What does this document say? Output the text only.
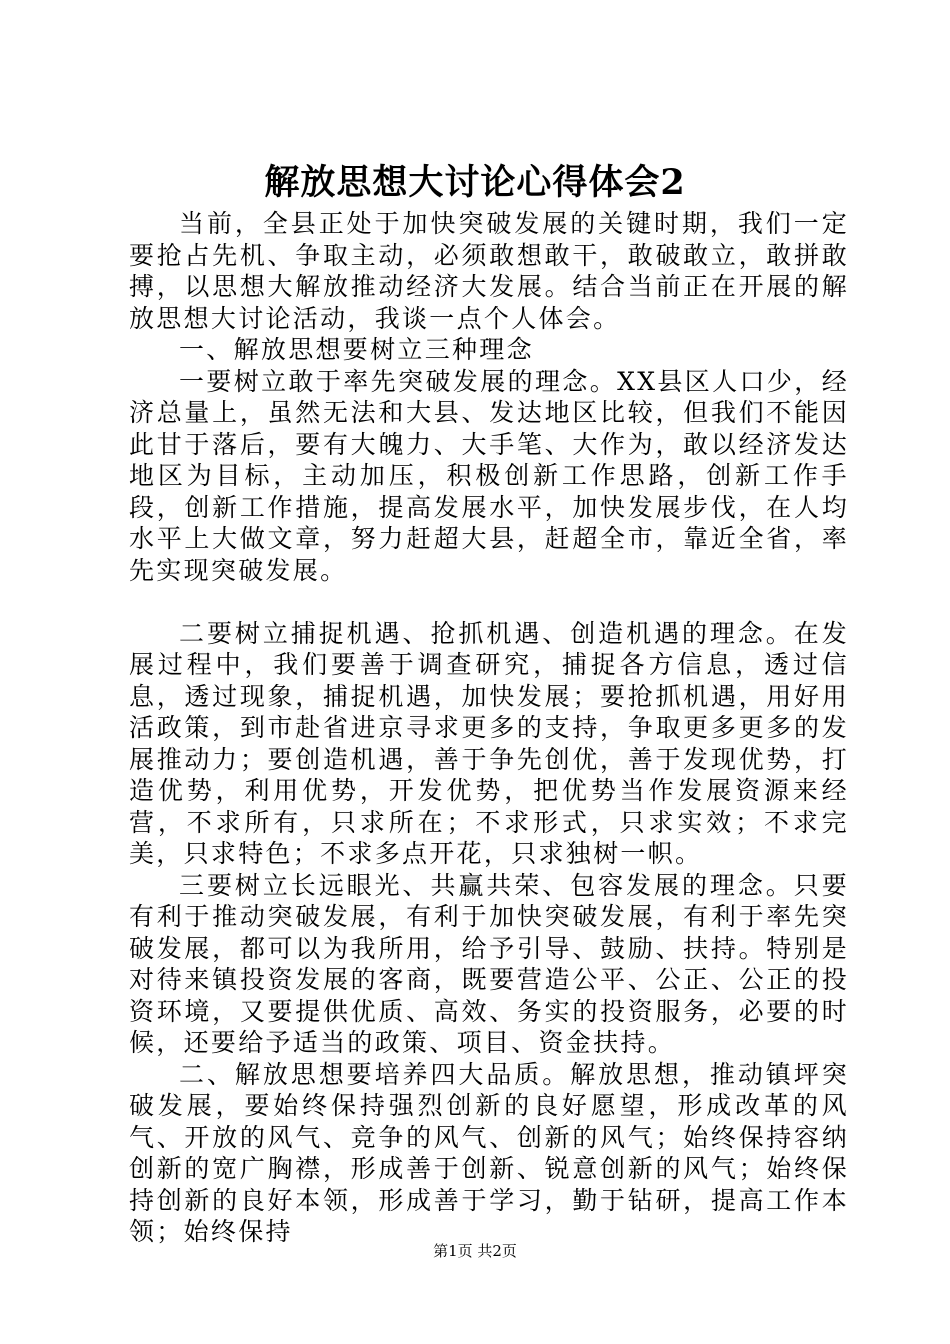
解放思想大讨论心得体会2

当前，全县正处于加快突破发展的关键时期，我们一定要抢占先机、争取主动，必须敢想敢干，敢破敢立，敢拼敢搏，以思想大解放推动经济大发展。结合当前正在开展的解放思想大讨论活动，我谈一点个人体会。

一、解放思想要树立三种理念

一要树立敢于率先突破发展的理念。XX县区人口少，经济总量上，虽然无法和大县、发达地区比较，但我们不能因此甘于落后，要有大魄力、大手笔、大作为，敢以经济发达地区为目标，主动加压，积极创新工作思路，创新工作手段，创新工作措施，提高发展水平，加快发展步伐，在人均水平上大做文章，努力赶超大县，赶超全市，靠近全省，率先实现突破发展。

二要树立捕捉机遇、抢抓机遇、创造机遇的理念。在发展过程中，我们要善于调查研究，捕捉各方信息，透过信息，透过现象，捕捉机遇，加快发展；要抢抓机遇，用好用活政策，到市赴省进京寻求更多的支持，争取更多更多的发展推动力；要创造机遇，善于争先创优，善于发现优势，打造优势，利用优势，开发优势，把优势当作发展资源来经营，不求所有，只求所在；不求形式，只求实效；不求完美，只求特色；不求多点开花，只求独树一帜。

三要树立长远眼光、共赢共荣、包容发展的理念。只要有利于推动突破发展，有利于加快突破发展，有利于率先突破发展，都可以为我所用，给予引导、鼓励、扶持。特别是对待来镇投资发展的客商，既要营造公平、公正、公正的投资环境，又要提供优质、高效、务实的投资服务，必要的时候，还要给予适当的政策、项目、资金扶持。

二、解放思想要培养四大品质。解放思想，推动镇坪突破发展，要始终保持强烈创新的良好愿望，形成改革的风气、开放的风气、竞争的风气、创新的风气；始终保持容纳创新的宽广胸襟，形成善于创新、锐意创新的风气；始终保持创新的良好本领，形成善于学习，勤于钻研，提高工作本领；始终保持

第1页 共2页
